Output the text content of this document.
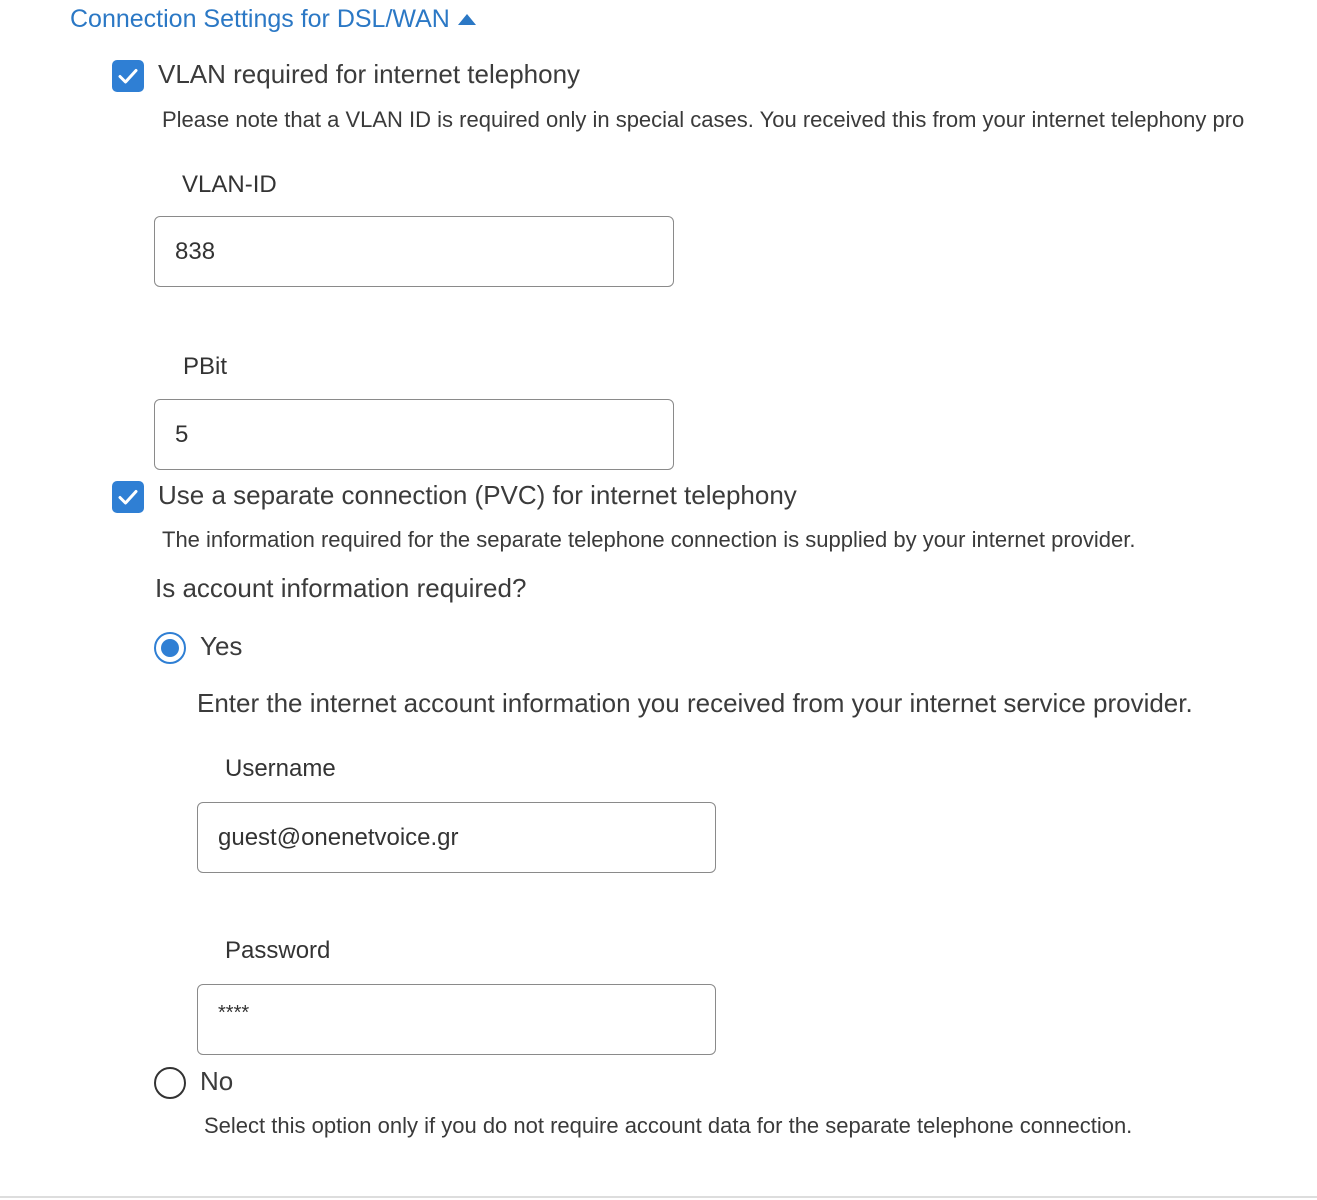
Connection Settings for DSL/WAN
VLAN required for internet telephony
Please note that a VLAN ID is required only in special cases. You received this from your internet telephony pro
VLAN-ID
838
PBit
5
Use a separate connection (PVC) for internet telephony
The information required for the separate telephone connection is supplied by your internet provider.
Is account information required?
Yes
Enter the internet account information you received from your internet service provider.
Username
guest@onenetvoice.gr
Password
****
No
Select this option only if you do not require account data for the separate telephone connection.
